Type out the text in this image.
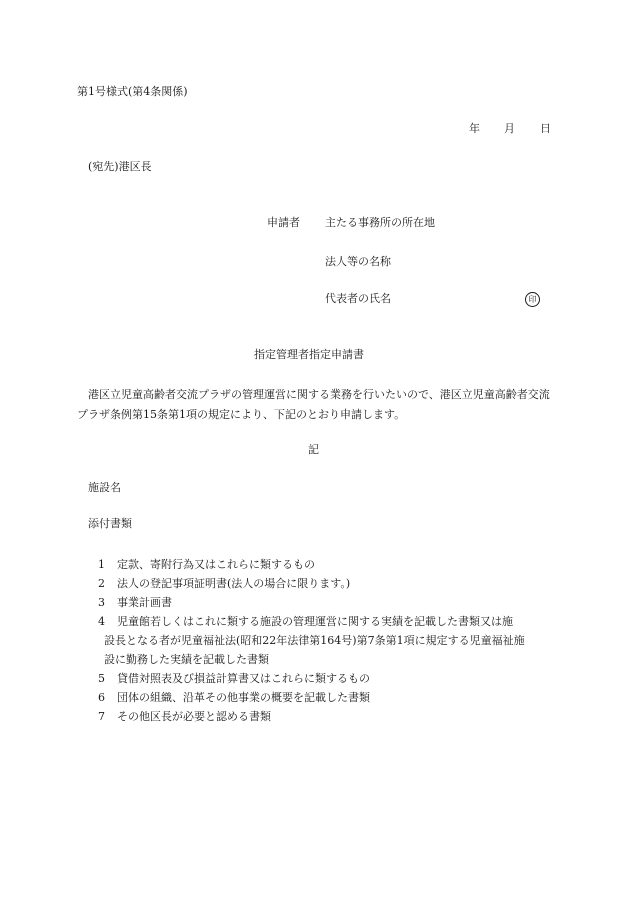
第1号様式(第4条関係)
年 月 日
(宛先)港区長
申請者 主たる事務所の所在地
法人等の名称
代表者の氏名	印
指定管理者指定申請書
港区立児童高齢者交流プラザの管理運営に関する業務を行いたいので、港区立児童高齢者交流プラザ条例第15条第1項の規定により、下記のとおり申請します。
記
施設名
添付書類
1 定款、寄附行為又はこれらに類するもの
2 法人の登記事項証明書(法人の場合に限ります。)
3 事業計画書
4 児童館若しくはこれに類する施設の管理運営に関する実績を記載した書類又は施
設長となる者が児童福祉法(昭和22年法律第164号)第7条第1項に規定する児童福祉施
設に勤務した実績を記載した書類
5 貸借対照表及び損益計算書又はこれらに類するもの
6 団体の組織、沿革その他事業の概要を記載した書類
7 その他区長が必要と認める書類
